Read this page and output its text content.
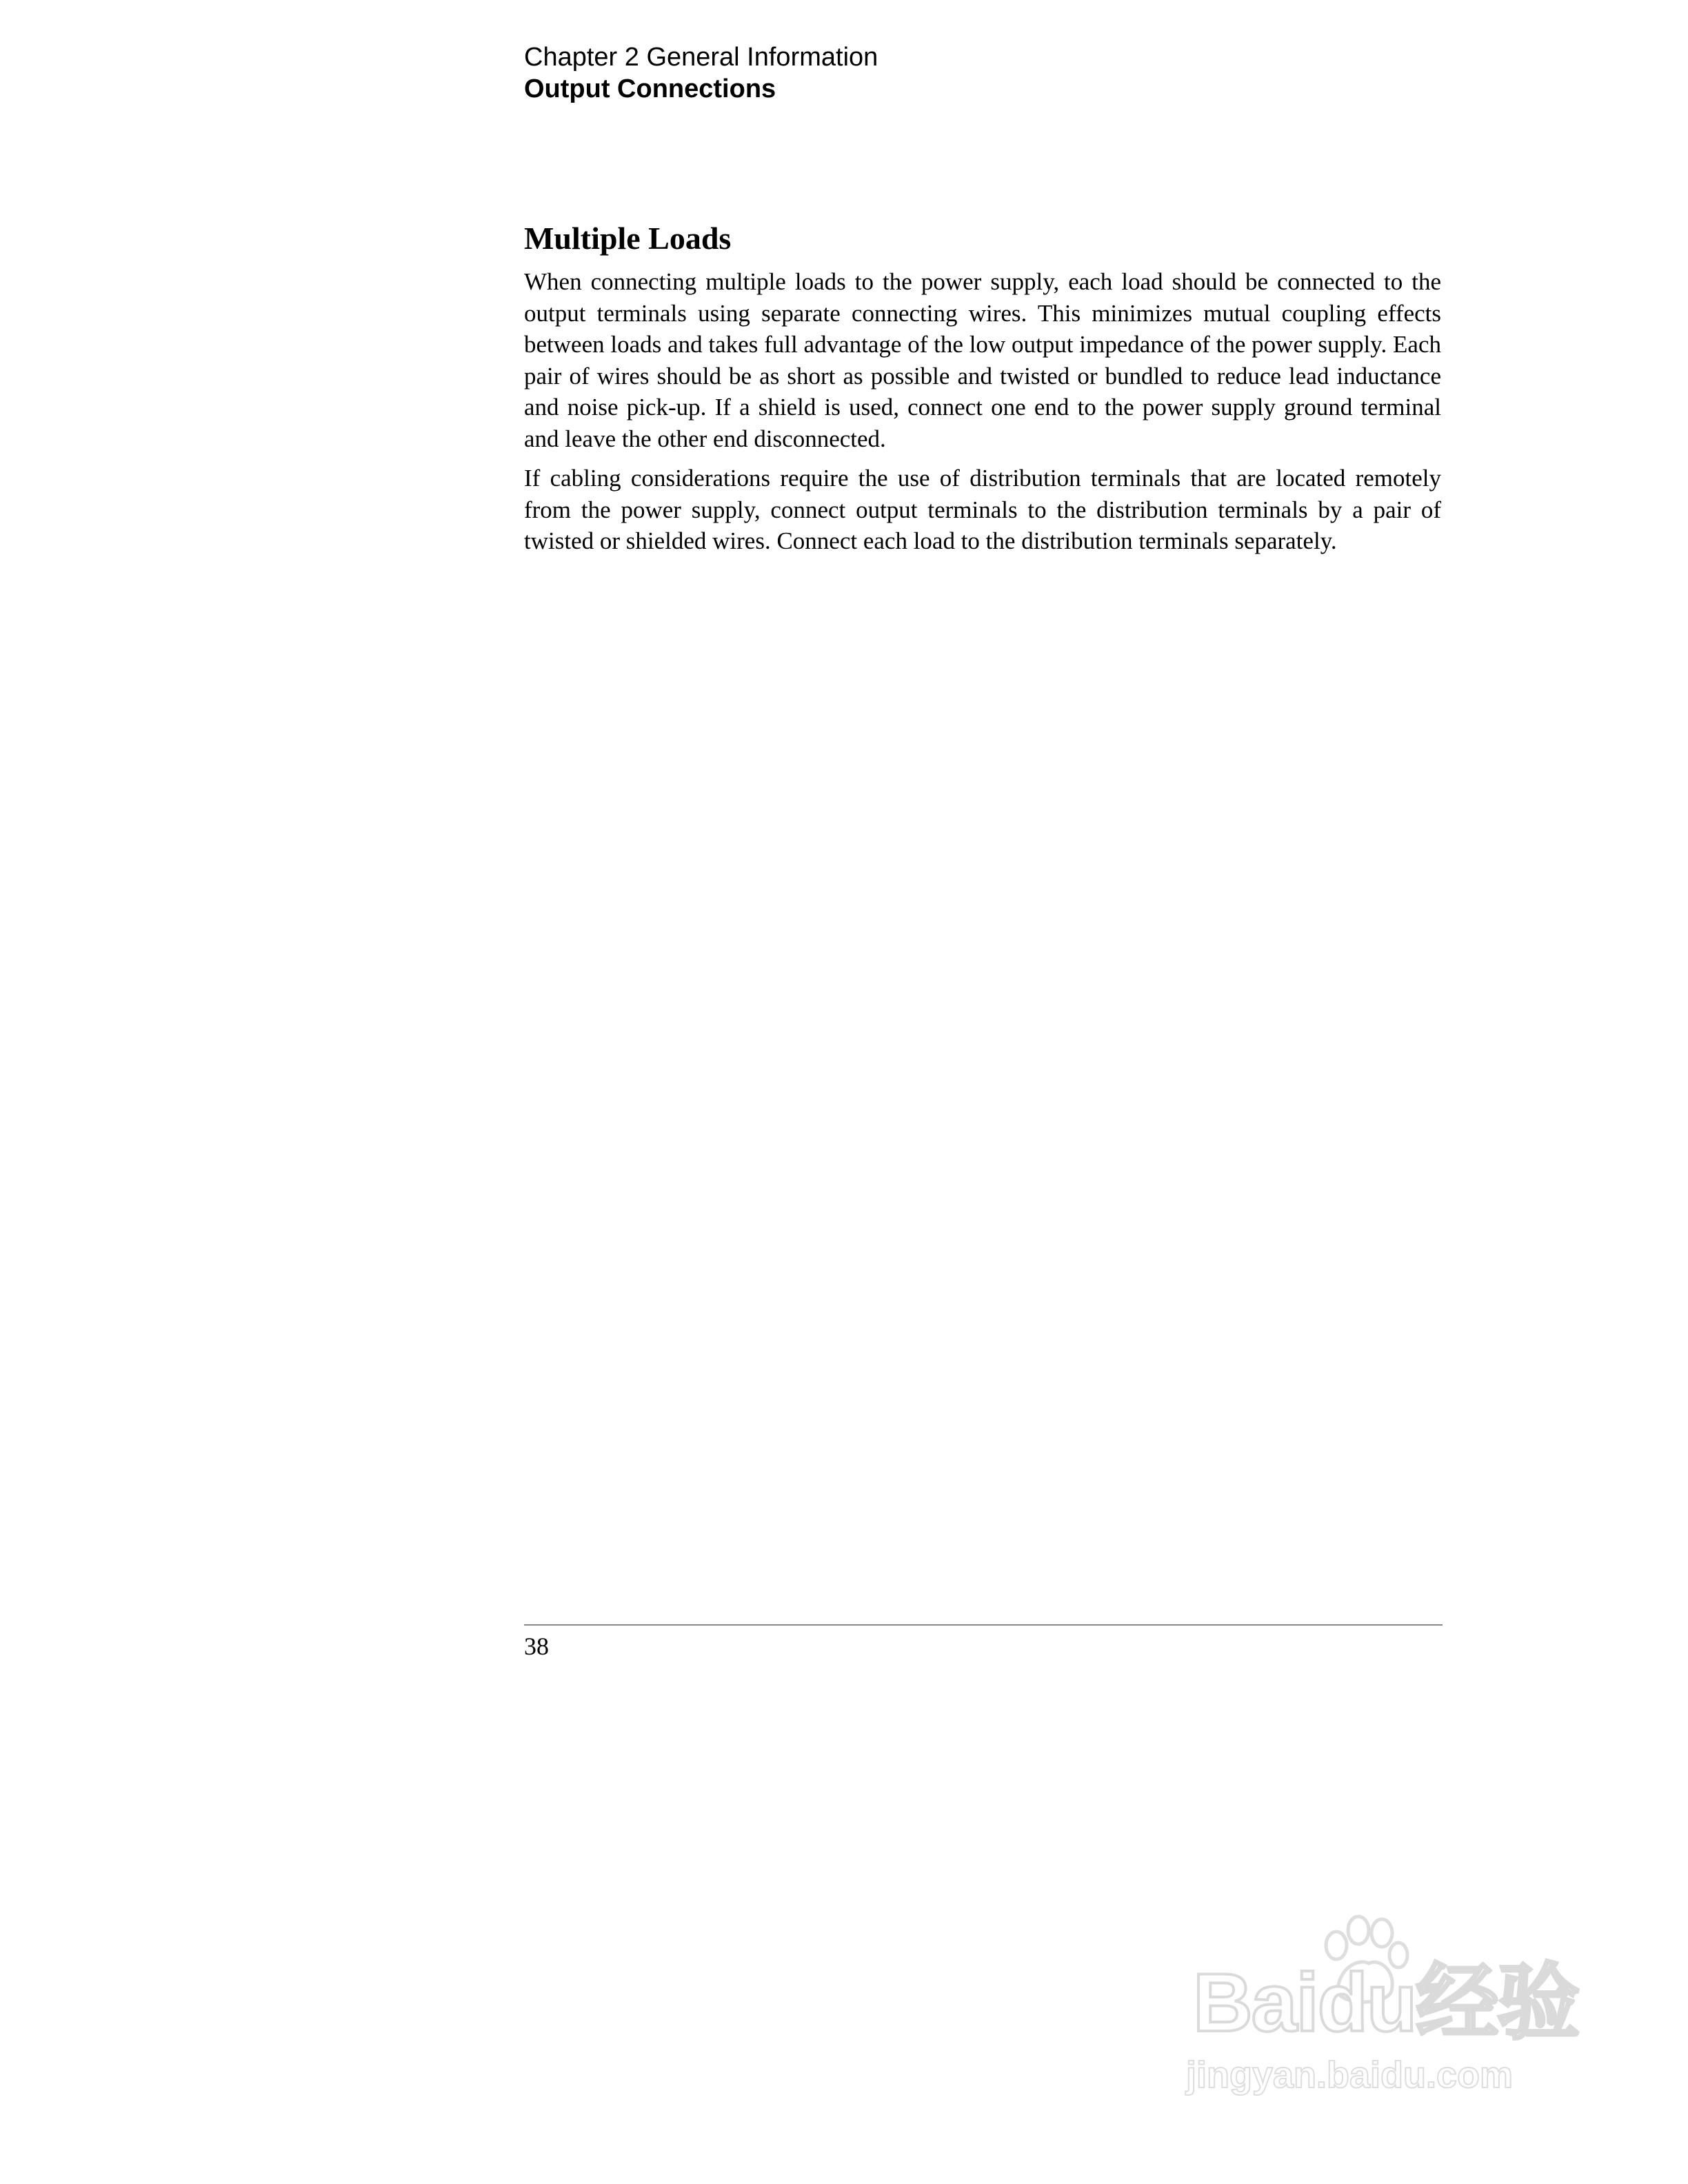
Chapter 2 General Information
Output Connections
Multiple Loads

When connecting multiple loads to the power supply, each load should be connected to the output terminals using separate connecting wires. This minimizes mutual coupling effects between loads and takes full advantage of the low output impedance of the power supply. Each pair of wires should be as short as possible and twisted or bundled to reduce lead inductance and noise pick-up. If a shield is used, connect one end to the power supply ground terminal and leave the other end disconnected.

If cabling considerations require the use of distribution terminals that are located remotely from the power supply, connect output terminals to the distribution terminals by a pair of twisted or shielded wires. Connect each load to the distribution terminals separately.

38
Baidu经验
jingyan.baidu.com
